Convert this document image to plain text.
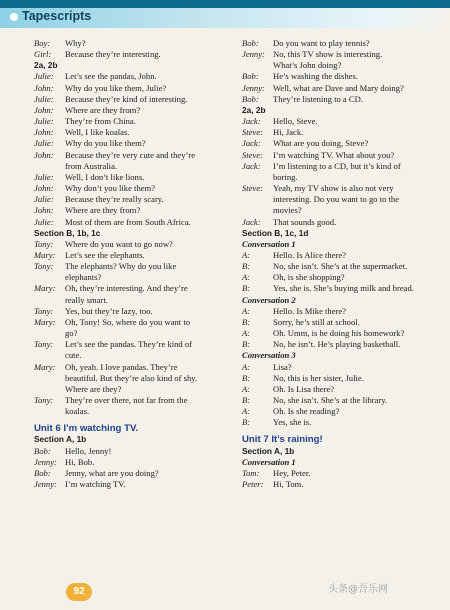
Tapescripts
Boy:	Why?
Girl:	Because they’re interesting.
2a, 2b
Julie:	Let’s see the pandas, John.
John:	Why do you like them, Julie?
Julie:	Because they’re kind of interesting.
John:	Where are they from?
Julie:	They’re from China.
John:	Well, I like koalas.
Julie:	Why do you like them?
John:	Because they’re very cute and they’re
from Australia.
Julie:	Well, I don’t like lions.
John:	Why don’t you like them?
Julie:	Because they’re really scary.
John:	Where are they from?
Julie:	Most of them are from South Africa.
Section B, 1b, 1c
Tony:	Where do you want to go now?
Mary:	Let’s see the elephants.
Tony:	The elephants? Why do you like
elephants?
Mary:	Oh, they’re interesting. And they’re
really smart.
Tony:	Yes, but they’re lazy, too.
Mary:	Oh, Tony! So, where do you want to
go?
Tony:	Let’s see the pandas. They’re kind of
cute.
Mary:	Oh, yeah. I love pandas. They’re
beautiful. But they’re also kind of shy.
Where are they?
Tony:	They’re over there, not far from the
koalas.
Unit 6 I’m watching TV.
Section A, 1b
Bob:	Hello, Jenny!
Jenny: Hi, Bob.
Bob:	Jenny, what are you doing?
Jenny: I’m watching TV.
Bob:	Do you want to play tennis?
Jenny: No, this TV show is interesting.
What’s John doing?
Bob:	He’s washing the dishes.
Jenny: Well, what are Dave and Mary doing?
Bob:	They’re listening to a CD.
2a, 2b
Jack:	Hello, Steve.
Steve:	Hi, Jack.
Jack:	What are you doing, Steve?
Steve:	I’m watching TV. What about you?
Jack:	I’m listening to a CD, but it’s kind of
boring.
Steve:	Yeah, my TV show is also not very
interesting. Do you want to go to the
movies?
Jack:	That sounds good.
Section B, 1c, 1d
Conversation 1
A:	Hello. Is Alice there?
B:	No, she isn’t. She’s at the supermarket.
A:	Oh, is she shopping?
B:	Yes, she is. She’s buying milk and bread.
Conversation 2
A:	Hello. Is Mike there?
B:	Sorry, he’s still at school.
A:	Oh. Umm, is he doing his homework?
B:	No, he isn’t. He’s playing basketball.
Conversation 3
A:	Lisa?
B:	No, this is her sister, Julie.
A:	Oh. Is Lisa there?
B:	No, she isn’t. She’s at the library.
A:	Oh. Is she reading?
B:	Yes, she is.
Unit 7 It’s raining!
Section A, 1b
Conversation 1
Tom:	Hey, Peter.
Peter:	Hi, Tom.
92	头条@吾乐网
